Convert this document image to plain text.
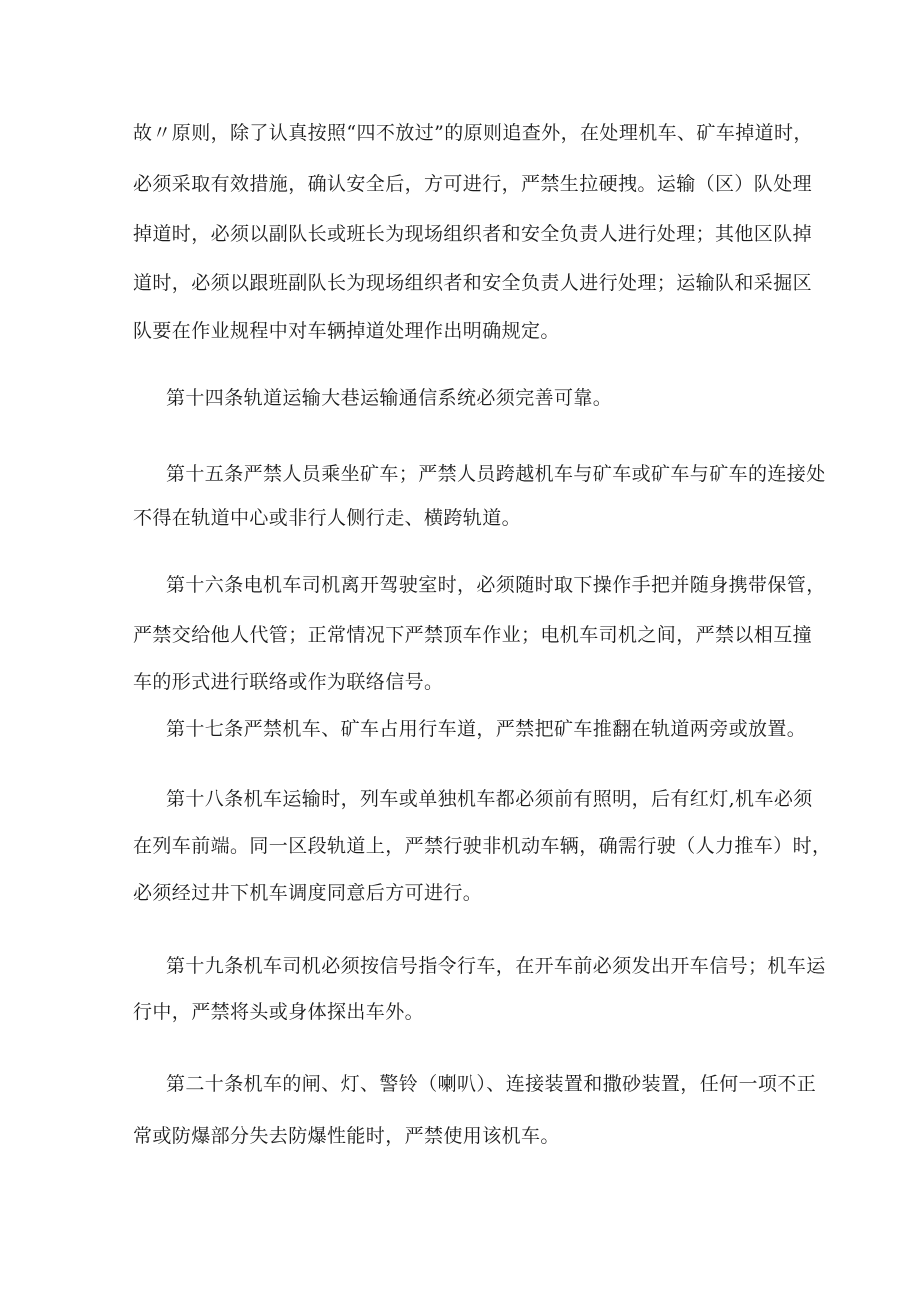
故〃原则，除了认真按照“四不放过”的原则追查外，在处理机车、矿车掉道时，
必须采取有效措施，确认安全后，方可进行，严禁生拉硬拽。运输（区）队处理
掉道时，必须以副队长或班长为现场组织者和安全负责人进行处理；其他区队掉
道时，必须以跟班副队长为现场组织者和安全负责人进行处理；运输队和采掘区
队要在作业规程中对车辆掉道处理作出明确规定。
第十四条轨道运输大巷运输通信系统必须完善可靠。
第十五条严禁人员乘坐矿车；严禁人员跨越机车与矿车或矿车与矿车的连接处
不得在轨道中心或非行人侧行走、横跨轨道。
第十六条电机车司机离开驾驶室时，必须随时取下操作手把并随身携带保管，
严禁交给他人代管；正常情况下严禁顶车作业；电机车司机之间，严禁以相互撞
车的形式进行联络或作为联络信号。
第十七条严禁机车、矿车占用行车道，严禁把矿车推翻在轨道两旁或放置。
第十八条机车运输时，列车或单独机车都必须前有照明，后有红灯,机车必须
在列车前端。同一区段轨道上，严禁行驶非机动车辆，确需行驶（人力推车）时，
必须经过井下机车调度同意后方可进行。
第十九条机车司机必须按信号指令行车，在开车前必须发出开车信号；机车运
行中，严禁将头或身体探出车外。
第二十条机车的闸、灯、警铃（喇叭）、连接装置和撒砂装置，任何一项不正
常或防爆部分失去防爆性能时，严禁使用该机车。
